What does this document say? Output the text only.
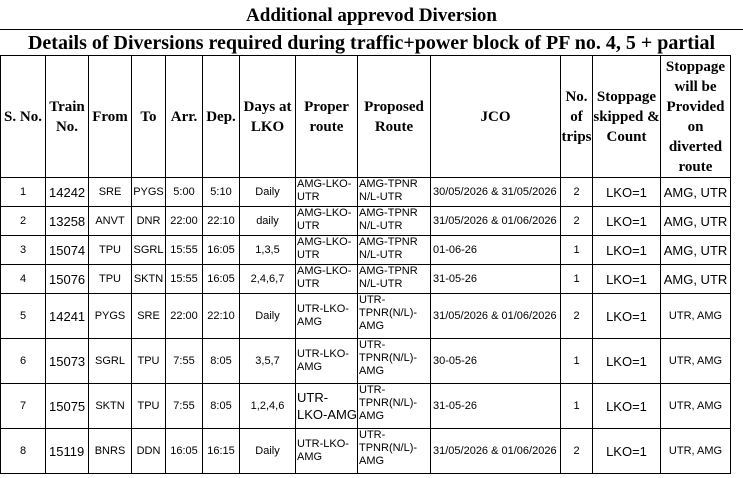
Additional apprevod Diversion
Details of Diversions required during traffic+power block of PF no. 4, 5 + partial
S. No.	Train No.	From	To	Arr.	Dep.	Days at LKO	Proper route	Proposed Route	JCO	No. of trips	Stoppage skipped & Count	Stoppage will be Provided on diverted route
1	14242	SRE	PYGS	5:00	5:10	Daily	AMG-LKO-UTR	AMG-TPNR N/L-UTR	30/05/2026 & 31/05/2026	2	LKO=1	AMG, UTR
2	13258	ANVT	DNR	22:00	22:10	daily	AMG-LKO-UTR	AMG-TPNR N/L-UTR	31/05/2026 & 01/06/2026	2	LKO=1	AMG, UTR
3	15074	TPU	SGRL	15:55	16:05	1,3,5	AMG-LKO-UTR	AMG-TPNR N/L-UTR	01-06-26	1	LKO=1	AMG, UTR
4	15076	TPU	SKTN	15:55	16:05	2,4,6,7	AMG-LKO-UTR	AMG-TPNR N/L-UTR	31-05-26	1	LKO=1	AMG, UTR
5	14241	PYGS	SRE	22:00	22:10	Daily	UTR-LKO-AMG	UTR-TPNR(N/L)-AMG	31/05/2026 & 01/06/2026	2	LKO=1	UTR, AMG
6	15073	SGRL	TPU	7:55	8:05	3,5,7	UTR-LKO-AMG	UTR-TPNR(N/L)-AMG	30-05-26	1	LKO=1	UTR, AMG
7	15075	SKTN	TPU	7:55	8:05	1,2,4,6	UTR-LKO-AMG	UTR-TPNR(N/L)-AMG	31-05-26	1	LKO=1	UTR, AMG
8	15119	BNRS	DDN	16:05	16:15	Daily	UTR-LKO-AMG	UTR-TPNR(N/L)-AMG	31/05/2026 & 01/06/2026	2	LKO=1	UTR, AMG
